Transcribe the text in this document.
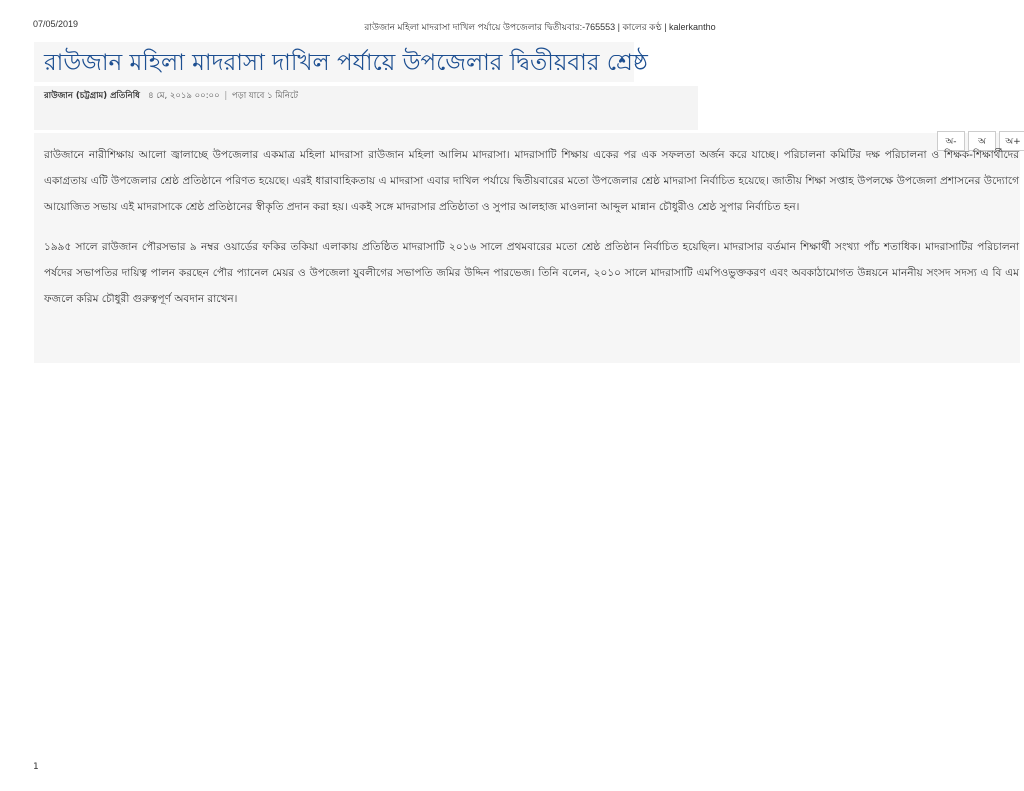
07/05/2019	রাউজান মহিলা মাদরাসা দাখিল পর্যায়ে উপজেলার দ্বিতীয়বার:-765553 | কালের কণ্ঠ | kalerkantho
রাউজান মহিলা মাদরাসা দাখিল পর্যায়ে উপজেলার দ্বিতীয়বার শ্রেষ্ঠ
রাউজান (চট্টগ্রাম) প্রতিনিধি ৪ মে, ২০১৯ ০০:০০ | পড়া যাবে ১ মিনিটে
অ-	অ	অ+

রাউজানে নারীশিক্ষায় আলো জ্বালাচ্ছে উপজেলার একমাত্র মহিলা মাদরাসা রাউজান মহিলা আলিম মাদরাসা। মাদরাসাটি শিক্ষায় একের পর এক সফলতা অর্জন করে যাচ্ছে। পরিচালনা কমিটির দক্ষ পরিচালনা ও শিক্ষক-শিক্ষার্থীদের একাগ্রতায় এটি উপজেলার শ্রেষ্ঠ প্রতিষ্ঠানে পরিণত হয়েছে। এরই ধারাবাহিকতায় এ মাদরাসা এবার দাখিল পর্যায়ে দ্বিতীয়বারের মতো উপজেলার শ্রেষ্ঠ মাদরাসা নির্বাচিত হয়েছে। জাতীয় শিক্ষা সপ্তাহ উপলক্ষে উপজেলা প্রশাসনের উদ্যোগে আয়োজিত সভায় এই মাদরাসাকে শ্রেষ্ঠ প্রতিষ্ঠানের স্বীকৃতি প্রদান করা হয়। একই সঙ্গে মাদরাসার প্রতিষ্ঠাতা ও সুপার আলহাজ মাওলানা আব্দুল মান্নান চৌধুরীও শ্রেষ্ঠ সুপার নির্বাচিত হন।

১৯৯৫ সালে রাউজান পৌরসভার ৯ নম্বর ওয়ার্ডের ফকির তকিয়া এলাকায় প্রতিষ্ঠিত মাদরাসাটি ২০১৬ সালে প্রথমবারের মতো শ্রেষ্ঠ প্রতিষ্ঠান নির্বাচিত হয়েছিল। মাদরাসার বর্তমান শিক্ষার্থী সংখ্যা পাঁচ শতাধিক। মাদরাসাটির পরিচালনা পর্ষদের সভাপতির দায়িত্ব পালন করছেন পৌর প্যানেল মেয়র ও উপজেলা যুবলীগের সভাপতি জমির উদ্দিন পারভেজ। তিনি বলেন, ২০১০ সালে মাদরাসাটি এমপিওভুক্তকরণ এবং অবকাঠামোগত উন্নয়নে মাননীয় সংসদ সদস্য এ বি এম ফজলে করিম চৌধুরী গুরুত্বপূর্ণ অবদান রাখেন।

1
